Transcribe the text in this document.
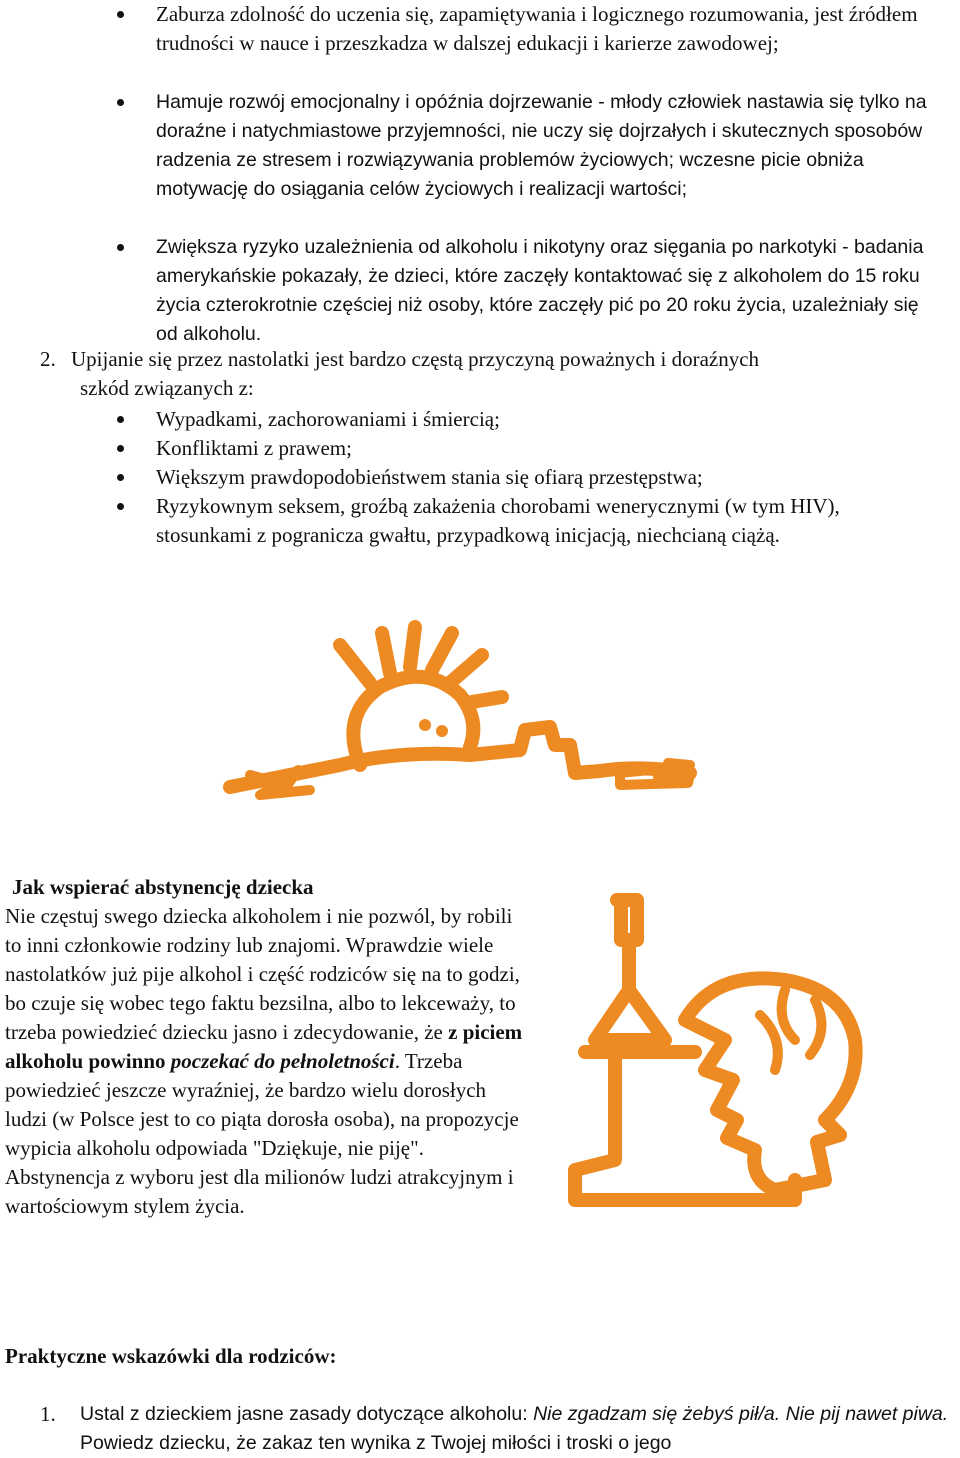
Zaburza zdolność do uczenia się, zapamiętywania i logicznego rozumowania, jest źródłem trudności w nauce i przeszkadza w dalszej edukacji i karierze zawodowej;
Hamuje rozwój emocjonalny i opóźnia dojrzewanie - młody człowiek nastawia się tylko na doraźne i natychmiastowe przyjemności, nie uczy się dojrzałych i skutecznych sposobów radzenia ze stresem i rozwiązywania problemów życiowych; wczesne picie obniża motywację do osiągania celów życiowych i realizacji wartości;
Zwiększa ryzyko uzależnienia od alkoholu i nikotyny oraz sięgania po narkotyki - badania amerykańskie pokazały, że dzieci, które zaczęły kontaktować się z alkoholem do 15 roku życia czterokrotnie częściej niż osoby, które zaczęły pić po 20 roku życia, uzależniały się od alkoholu.
2. Upijanie się przez nastolatki jest bardzo częstą przyczyną poważnych i doraźnych
szkód związanych z:
Wypadkami, zachorowaniami i śmiercią;
Konfliktami z prawem;
Większym prawdopodobieństwem stania się ofiarą przestępstwa;
Ryzykownym seksem, groźbą zakażenia chorobami wenerycznymi (w tym HIV), stosunkami z pogranicza gwałtu, przypadkową inicjacją, niechcianą ciążą.
Jak wspierać abstynencję dziecka
Nie częstuj swego dziecka alkoholem i nie pozwól, by robili to inni członkowie rodziny lub znajomi. Wprawdzie wiele nastolatków już pije alkohol i część rodziców się na to godzi, bo czuje się wobec tego faktu bezsilna, albo to lekceważy, to trzeba powiedzieć dziecku jasno i zdecydowanie, że z piciem alkoholu powinno poczekać do pełnoletności. Trzeba powiedzieć jeszcze wyraźniej, że bardzo wielu dorosłych ludzi (w Polsce jest to co piąta dorosła osoba), na propozycje wypicia alkoholu odpowiada "Dziękuje, nie piję". Abstynencja z wyboru jest dla milionów ludzi atrakcyjnym i wartościowym stylem życia.
Praktyczne wskazówki dla rodziców:
1. Ustal z dzieckiem jasne zasady dotyczące alkoholu: Nie zgadzam się żebyś pił/a. Nie pij nawet piwa. Powiedz dziecku, że zakaz ten wynika z Twojej miłości i troski o jego
